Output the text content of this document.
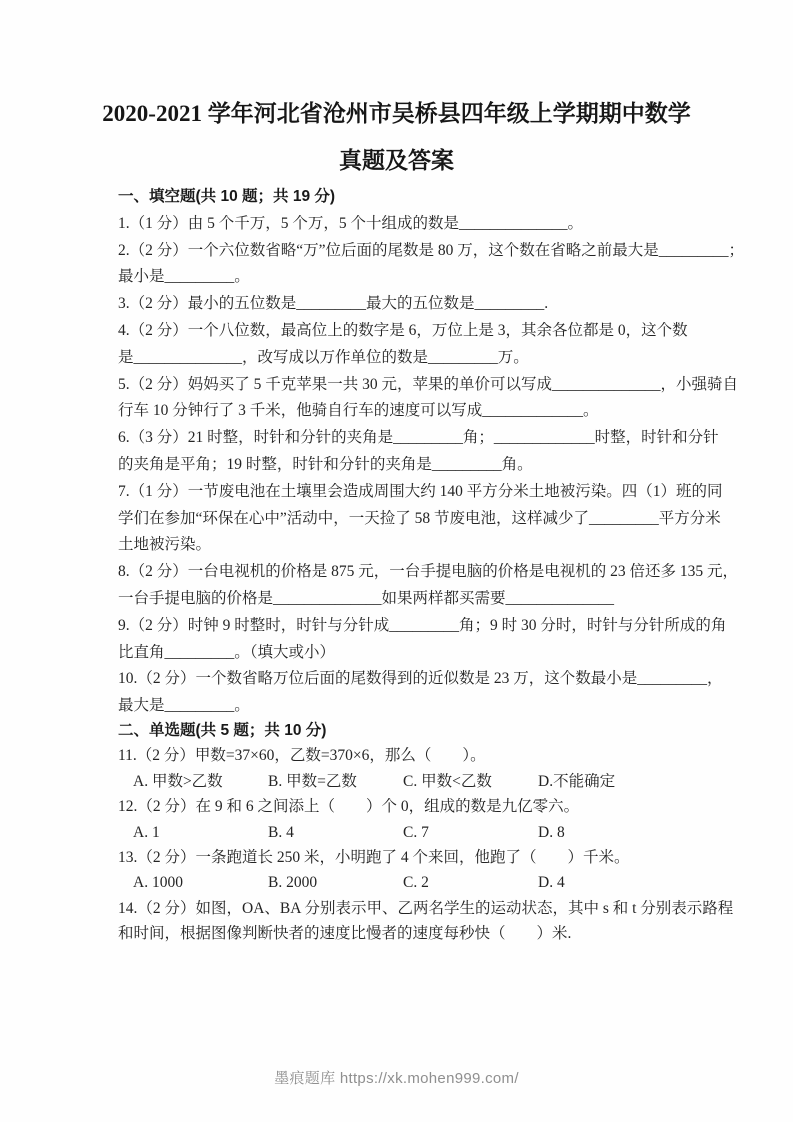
2020-2021 学年河北省沧州市吴桥县四年级上学期期中数学
真题及答案
一、填空题(共 10 题；共 19 分)
1.（1 分）由 5 个千万，5 个万，5 个十组成的数是______________。
2.（2 分）一个六位数省略“万”位后面的尾数是 80 万，这个数在省略之前最大是_________；
最小是_________。
3.（2 分）最小的五位数是_________最大的五位数是_________.
4.（2 分）一个八位数，最高位上的数字是 6，万位上是 3，其余各位都是 0，这个数
是______________，改写成以万作单位的数是_________万。
5.（2 分）妈妈买了 5 千克苹果一共 30 元，苹果的单价可以写成______________，小强骑自
行车 10 分钟行了 3 千米，他骑自行车的速度可以写成_____________。
6.（3 分）21 时整，时针和分针的夹角是_________角；_____________时整，时针和分针
的夹角是平角；19 时整，时针和分针的夹角是_________角。
7.（1 分）一节废电池在土壤里会造成周围大约 140 平方分米土地被污染。四（1）班的同
学们在参加“环保在心中”活动中，一天捡了 58 节废电池，这样减少了_________平方分米
土地被污染。
8.（2 分）一台电视机的价格是 875 元，一台手提电脑的价格是电视机的 23 倍还多 135 元，
一台手提电脑的价格是______________如果两样都买需要______________
9.（2 分）时钟 9 时整时，时针与分针成_________角；9 时 30 分时，时针与分针所成的角
比直角_________。（填大或小）
10.（2 分）一个数省略万位后面的尾数得到的近似数是 23 万，这个数最小是_________，
最大是_________。
二、单选题(共 5 题；共 10 分)
11.（2 分）甲数=37×60，乙数=370×6，那么（　　）。
A. 甲数>乙数	B. 甲数=乙数	C. 甲数<乙数	D.不能确定
12.（2 分）在 9 和 6 之间添上（　　）个 0，组成的数是九亿零六。
A. 1	B. 4	C. 7	D. 8
13.（2 分）一条跑道长 250 米，小明跑了 4 个来回，他跑了（　　）千米。
A. 1000	B. 2000	C. 2	D. 4
14.（2 分）如图，OA、BA 分别表示甲、乙两名学生的运动状态，其中 s 和 t 分别表示路程
和时间，根据图像判断快者的速度比慢者的速度每秒快（　　）米.
墨痕题库 https://xk.mohen999.com/
